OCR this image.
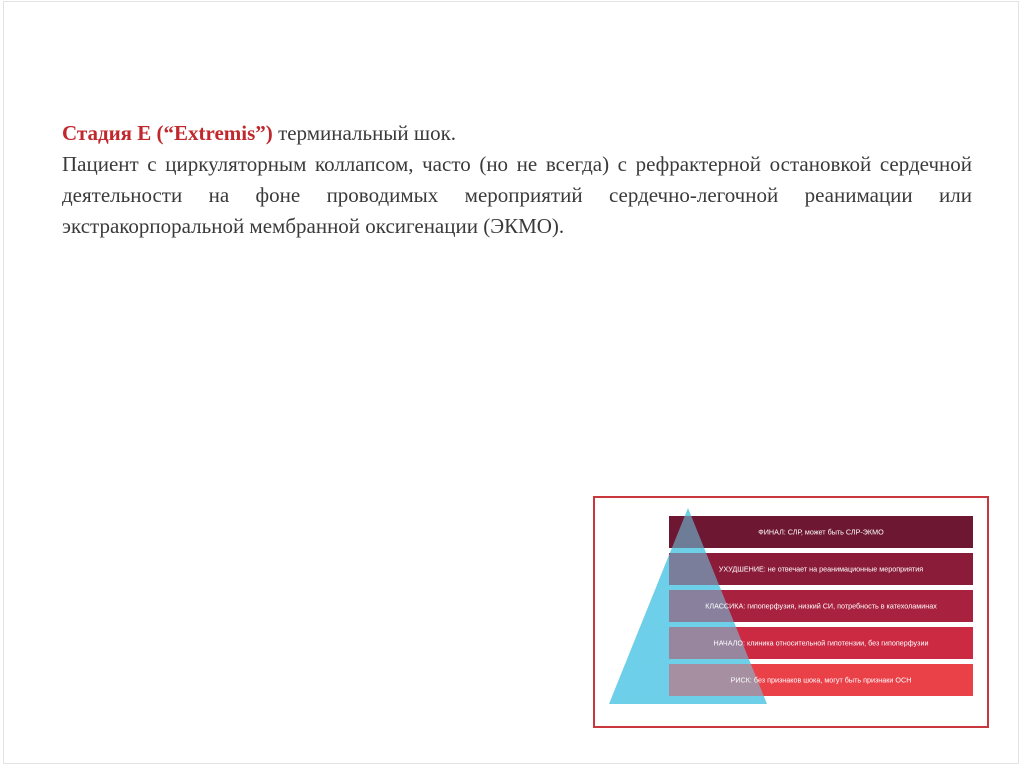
Стадия Е (“Extremis”) терминальный шок.
Пациент с циркуляторным коллапсом, часто (но не всегда) с рефрактерной остановкой сердечной деятельности на фоне проводимых мероприятий сердечно-легочной реанимации или экстракорпоральной мембранной оксигенации (ЭКМО).
ФИНАЛ: СЛР, может быть СЛР-ЭКМО
УХУДШЕНИЕ: не отвечает на реанимационные мероприятия
КЛАССИКА: гипоперфузия, низкий СИ, потребность в катехоламинах
НАЧАЛО: клиника относительной гипотензии, без гипоперфузии
РИСК: без признаков шока, могут быть признаки ОСН
